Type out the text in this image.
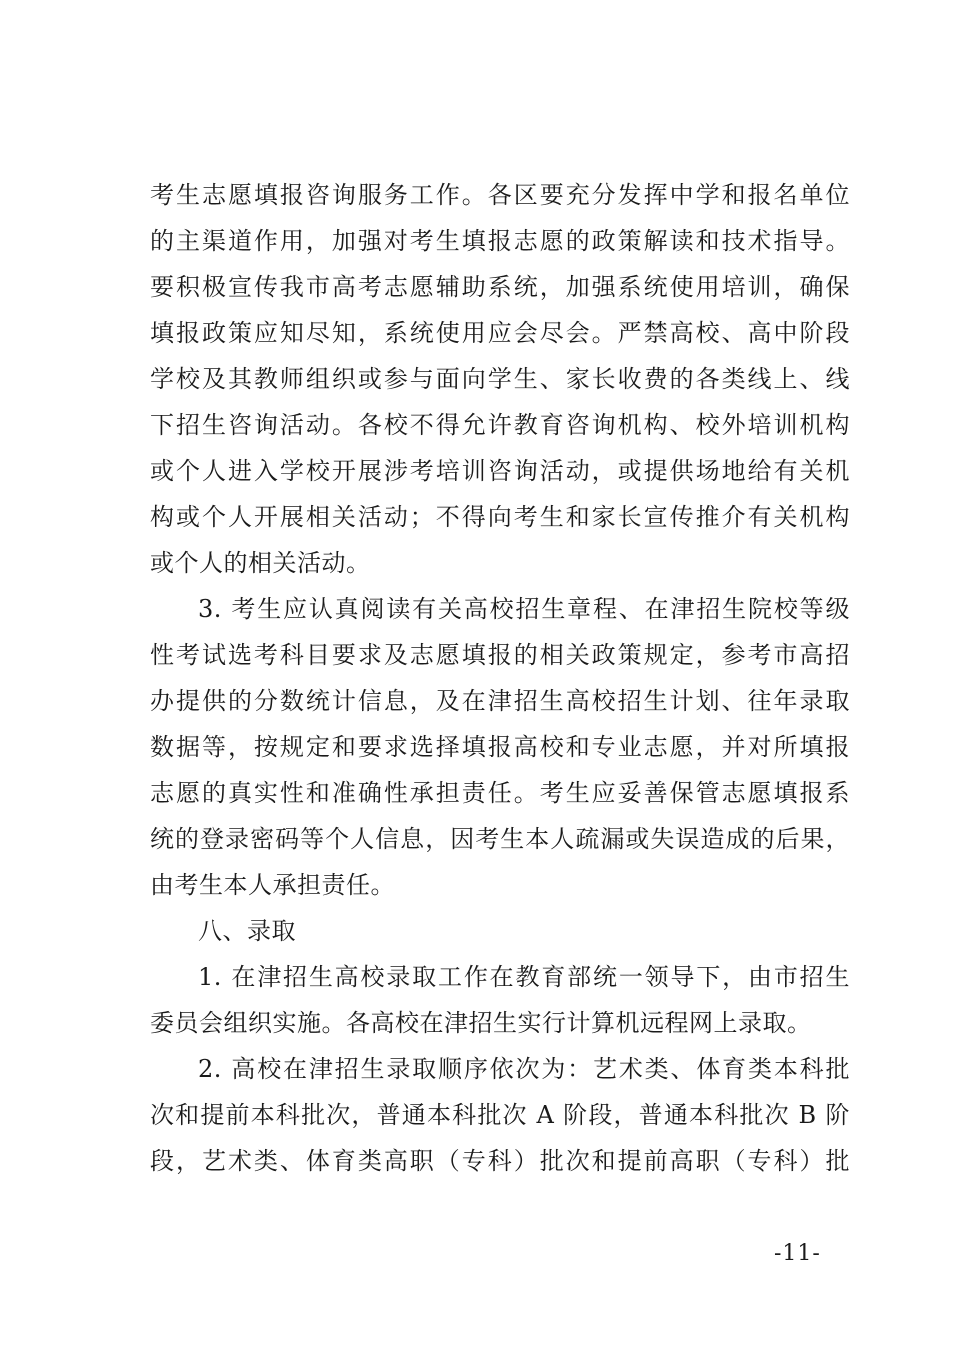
考生志愿填报咨询服务工作。各区要充分发挥中学和报名单位
的主渠道作用，加强对考生填报志愿的政策解读和技术指导。
要积极宣传我市高考志愿辅助系统，加强系统使用培训，确保
填报政策应知尽知，系统使用应会尽会。严禁高校、高中阶段
学校及其教师组织或参与面向学生、家长收费的各类线上、线
下招生咨询活动。各校不得允许教育咨询机构、校外培训机构
或个人进入学校开展涉考培训咨询活动，或提供场地给有关机
构或个人开展相关活动；不得向考生和家长宣传推介有关机构
或个人的相关活动。
3. 考生应认真阅读有关高校招生章程、在津招生院校等级
性考试选考科目要求及志愿填报的相关政策规定，参考市高招
办提供的分数统计信息，及在津招生高校招生计划、往年录取
数据等，按规定和要求选择填报高校和专业志愿，并对所填报
志愿的真实性和准确性承担责任。考生应妥善保管志愿填报系
统的登录密码等个人信息，因考生本人疏漏或失误造成的后果，
由考生本人承担责任。
八、录取
1. 在津招生高校录取工作在教育部统一领导下，由市招生
委员会组织实施。各高校在津招生实行计算机远程网上录取。
2. 高校在津招生录取顺序依次为：艺术类、体育类本科批
次和提前本科批次，普通本科批次 A 阶段，普通本科批次 B 阶
段，艺术类、体育类高职（专科）批次和提前高职（专科）批
-11-
